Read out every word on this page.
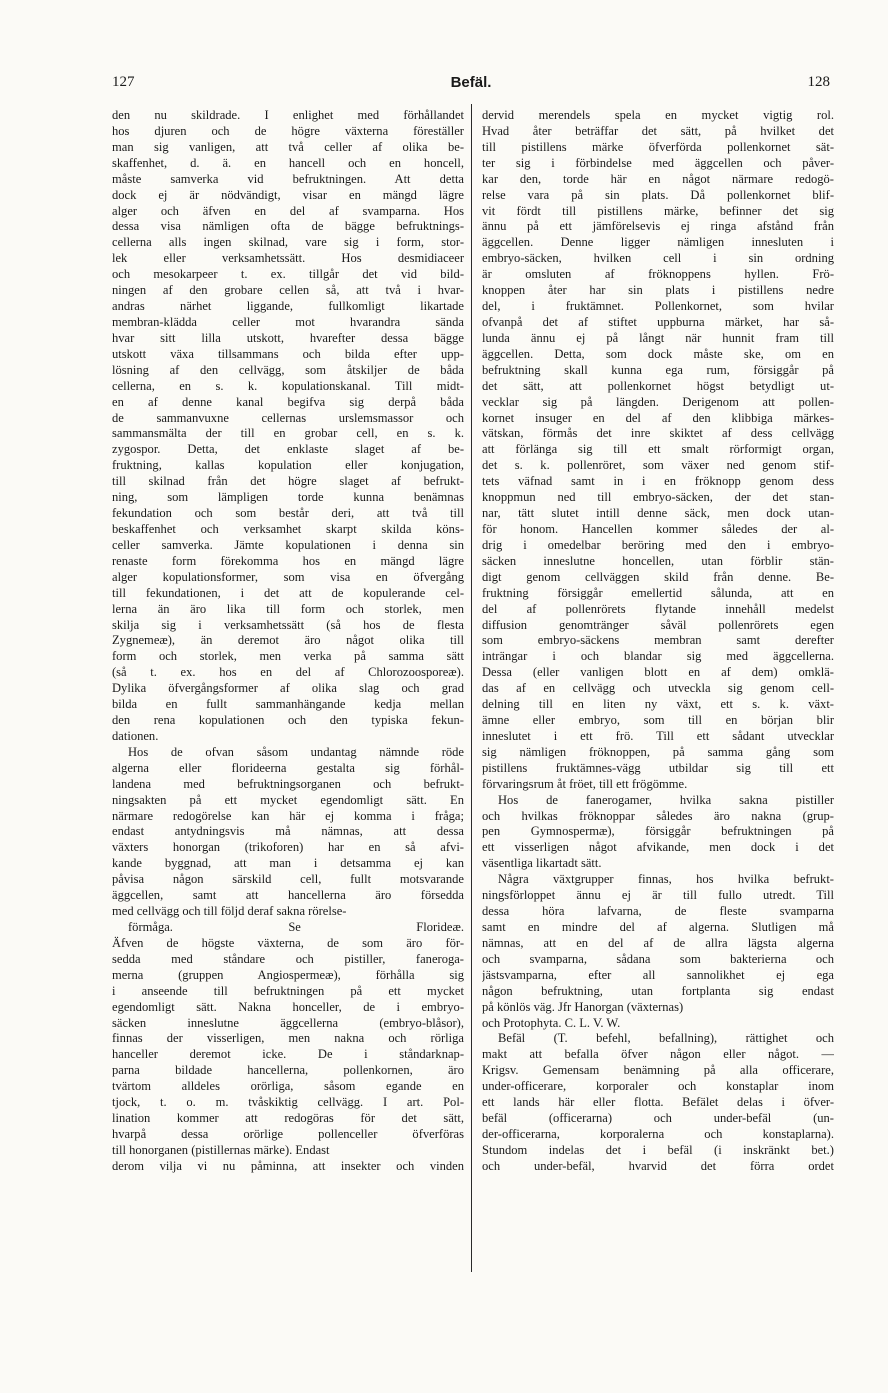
127	Befäl.	128
den nu skildrade. I enlighet med förhållandet
hos djuren och de högre växterna föreställer
man sig vanligen, att två celler af olika be-
skaffenhet, d. ä. en hancell och en honcell,
måste samverka vid befruktningen. Att detta
dock ej är nödvändigt, visar en mängd lägre
alger och äfven en del af svamparna. Hos
dessa visa nämligen ofta de bägge befruktnings-
cellerna alls ingen skilnad, vare sig i form, stor-
lek eller verksamhetssätt. Hos desmidiaceer
och mesokarpeer t. ex. tillgår det vid bild-
ningen af den grobare cellen så, att två i hvar-
andras närhet liggande, fullkomligt likartade
membran-klädda celler mot hvarandra sända
hvar sitt lilla utskott, hvarefter dessa bägge
utskott växa tillsammans och bilda efter upp-
lösning af den cellvägg, som åtskiljer de båda
cellerna, en s. k. kopulationskanal. Till midt-
en af denne kanal begifva sig derpå båda
de sammanvuxne cellernas urslemsmassor och
sammansmälta der till en grobar cell, en s. k.
zygospor. Detta, det enklaste slaget af be-
fruktning, kallas kopulation eller konjugation,
till skilnad från det högre slaget af befrukt-
ning, som lämpligen torde kunna benämnas
fekundation och som består deri, att två till
beskaffenhet och verksamhet skarpt skilda köns-
celler samverka. Jämte kopulationen i denna sin
renaste form förekomma hos en mängd lägre
alger kopulationsformer, som visa en öfvergång
till fekundationen, i det att de kopulerande cel-
lerna än äro lika till form och storlek, men
skilja sig i verksamhetssätt (så hos de flesta
Zygnemeæ), än deremot äro något olika till
form och storlek, men verka på samma sätt
(så t. ex. hos en del af Chlorozoosporeæ).
Dylika öfvergångsformer af olika slag och grad
bilda en fullt sammanhängande kedja mellan
den rena kopulationen och den typiska fekun-
dationen.
Hos de ofvan såsom undantag nämnde röde
algerna eller florideerna gestalta sig förhål-
landena med befruktningsorganen och befrukt-
ningsakten på ett mycket egendomligt sätt. En
närmare redogörelse kan här ej komma i fråga;
endast antydningsvis må nämnas, att dessa
växters honorgan (trikoforen) har en så afvi-
kande byggnad, att man i detsamma ej kan
påvisa någon särskild cell, fullt motsvarande
äggcellen, samt att hancellerna äro försedda
med cellvägg och till följd deraf sakna rörelse-
förmåga. Se Florideæ.
Äfven de högste växterna, de som äro för-
sedda med ståndare och pistiller, faneroga-
merna (gruppen Angiospermeæ), förhålla sig
i anseende till befruktningen på ett mycket
egendomligt sätt. Nakna honceller, de i embryo-
säcken inneslutne äggcellerna (embryo-blåsor),
finnas der visserligen, men nakna och rörliga
hanceller deremot icke. De i ståndarknap-
parna bildade hancellerna, pollenkornen, äro
tvärtom alldeles orörliga, såsom egande en
tjock, t. o. m. tvåskiktig cellvägg. I art. Pol-
lination kommer att redogöras för det sätt,
hvarpå dessa orörlige pollenceller öfverföras
till honorganen (pistillernas märke). Endast
derom vilja vi nu påminna, att insekter och vinden
dervid merendels spela en mycket vigtig rol.
Hvad åter beträffar det sätt, på hvilket det
till pistillens märke öfverförda pollenkornet sät-
ter sig i förbindelse med äggcellen och påver-
kar den, torde här en något närmare redogö-
relse vara på sin plats. Då pollenkornet blif-
vit fördt till pistillens märke, befinner det sig
ännu på ett jämförelsevis ej ringa afstånd från
äggcellen. Denne ligger nämligen innesluten i
embryo-säcken, hvilken cell i sin ordning
är omsluten af fröknoppens hyllen. Frö-
knoppen åter har sin plats i pistillens nedre
del, i fruktämnet. Pollenkornet, som hvilar
ofvanpå det af stiftet uppburna märket, har så-
lunda ännu ej på långt när hunnit fram till
äggcellen. Detta, som dock måste ske, om en
befruktning skall kunna ega rum, försiggår på
det sätt, att pollenkornet högst betydligt ut-
vecklar sig på längden. Derigenom att pollen-
kornet insuger en del af den klibbiga märkes-
vätskan, förmås det inre skiktet af dess cellvägg
att förlänga sig till ett smalt rörformigt organ,
det s. k. pollenröret, som växer ned genom stif-
tets väfnad samt in i en fröknopp genom dess
knoppmun ned till embryo-säcken, der det stan-
nar, tätt slutet intill denne säck, men dock utan-
för honom. Hancellen kommer således der al-
drig i omedelbar beröring med den i embryo-
säcken inneslutne honcellen, utan förblir stän-
digt genom cellväggen skild från denne. Be-
fruktning försiggår emellertid sålunda, att en
del af pollenrörets flytande innehåll medelst
diffusion genomtränger såväl pollenrörets egen
som embryo-säckens membran samt derefter
inträngar i och blandar sig med äggcellerna.
Dessa (eller vanligen blott en af dem) omklä-
das af en cellvägg och utveckla sig genom cell-
delning till en liten ny växt, ett s. k. växt-
ämne eller embryo, som till en början blir
inneslutet i ett frö. Till ett sådant utvecklar
sig nämligen fröknoppen, på samma gång som
pistillens fruktämnes-vägg utbildar sig till ett
förvaringsrum åt fröet, till ett frögömme.
Hos de fanerogamer, hvilka sakna pistiller
och hvilkas fröknoppar således äro nakna (grup-
pen Gymnospermæ), försiggår befruktningen på
ett visserligen något afvikande, men dock i det
väsentliga likartadt sätt.
Några växtgrupper finnas, hos hvilka befrukt-
ningsförloppet ännu ej är till fullo utredt. Till
dessa höra lafvarna, de fleste svamparna
samt en mindre del af algerna. Slutligen må
nämnas, att en del af de allra lägsta algerna
och svamparna, sådana som bakterierna och
jästsvamparna, efter all sannolikhet ej ega
någon befruktning, utan fortplanta sig endast
på könlös väg. Jfr Hanorgan (växternas)
och Protophyta. C. L. V. W.
Befäl (T. befehl, befallning), rättighet och
makt att befalla öfver någon eller något. —
Krigsv. Gemensam benämning på alla officerare,
under-officerare, korporaler och konstaplar inom
ett lands här eller flotta. Befälet delas i öfver-
befäl (officerarna) och under-befäl (un-
der-officerarna, korporalerna och konstaplarna).
Stundom indelas det i befäl (i inskränkt bet.)
och under-befäl, hvarvid det förra ordet
